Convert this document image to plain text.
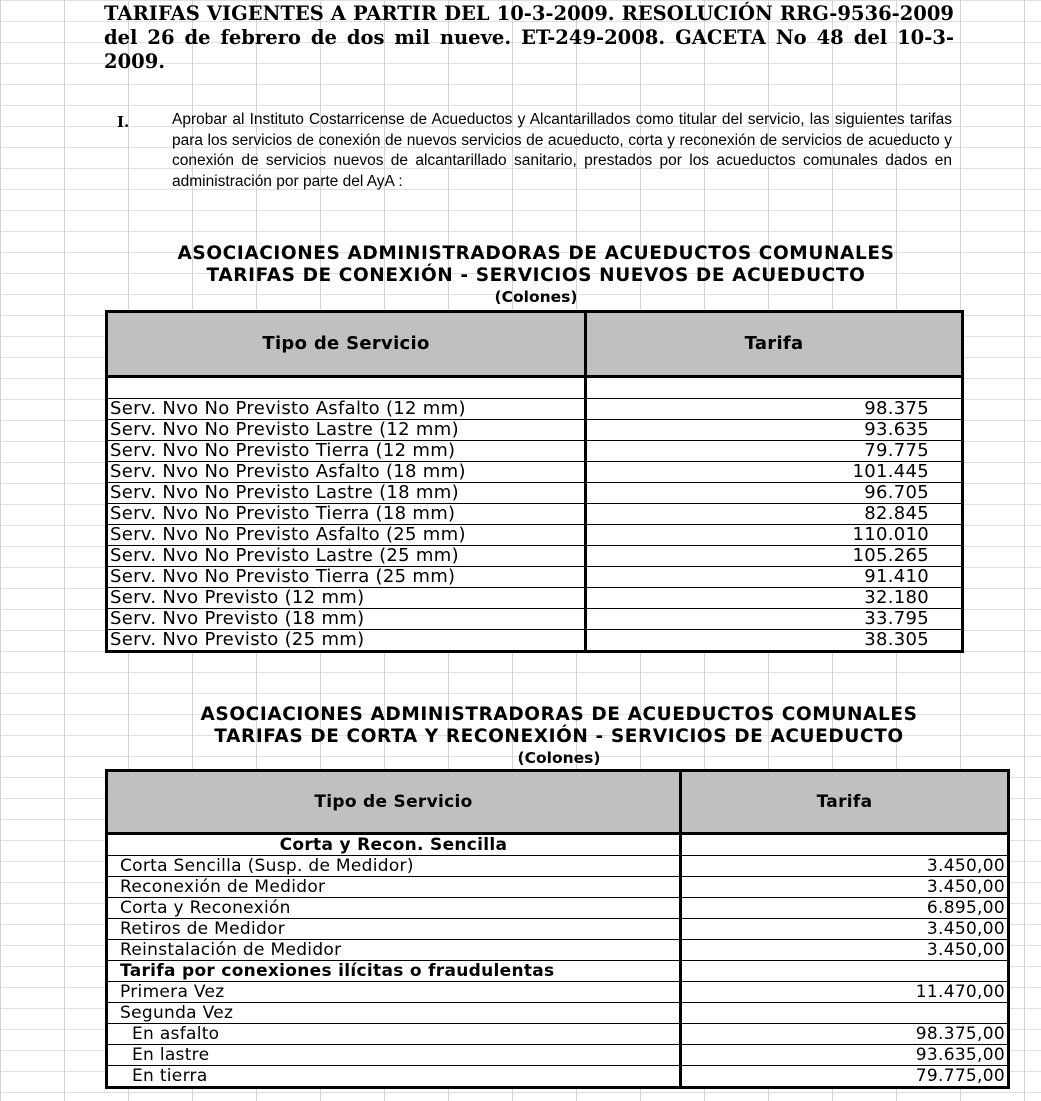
TARIFAS VIGENTES A PARTIR DEL 10-3-2009. RESOLUCIÓN RRG-9536-2009 del 26 de febrero de dos mil nueve. ET-249-2008. GACETA No 48 del 10-3-2009.

I.	Aprobar al Instituto Costarricense de Acueductos y Alcantarillados como titular del servicio, las siguientes tarifas para los servicios de conexión de nuevos servicios de acueducto, corta y reconexión de servicios de acueducto y conexión de servicios nuevos de alcantarillado sanitario, prestados por los acueductos comunales dados en administración por parte del AyA :

ASOCIACIONES ADMINISTRADORAS DE ACUEDUCTOS COMUNALES
TARIFAS DE CONEXIÓN - SERVICIOS NUEVOS DE ACUEDUCTO
(Colones)
Tipo de Servicio	Tarifa

Serv. Nvo No Previsto Asfalto (12 mm)	98.375
Serv. Nvo No Previsto Lastre (12 mm)	93.635
Serv. Nvo No Previsto Tierra (12 mm)	79.775
Serv. Nvo No Previsto Asfalto (18 mm)	101.445
Serv. Nvo No Previsto Lastre (18 mm)	96.705
Serv. Nvo No Previsto Tierra (18 mm)	82.845
Serv. Nvo No Previsto Asfalto (25 mm)	110.010
Serv. Nvo No Previsto Lastre (25 mm)	105.265
Serv. Nvo No Previsto Tierra (25 mm)	91.410
Serv. Nvo Previsto (12 mm)	32.180
Serv. Nvo Previsto (18 mm)	33.795
Serv. Nvo Previsto (25 mm)	38.305
ASOCIACIONES ADMINISTRADORAS DE ACUEDUCTOS COMUNALES
TARIFAS DE CORTA Y RECONEXIÓN - SERVICIOS DE ACUEDUCTO
(Colones)
Tipo de Servicio	Tarifa
Corta y Recon. Sencilla	
Corta Sencilla (Susp. de Medidor)	3.450,00
Reconexión de Medidor	3.450,00
Corta y Reconexión	6.895,00
Retiros de Medidor	3.450,00
Reinstalación de Medidor	3.450,00
Tarifa por conexiones ilícitas o fraudulentas	
Primera Vez	11.470,00
Segunda Vez	
En asfalto	98.375,00
En lastre	93.635,00
En tierra	79.775,00
